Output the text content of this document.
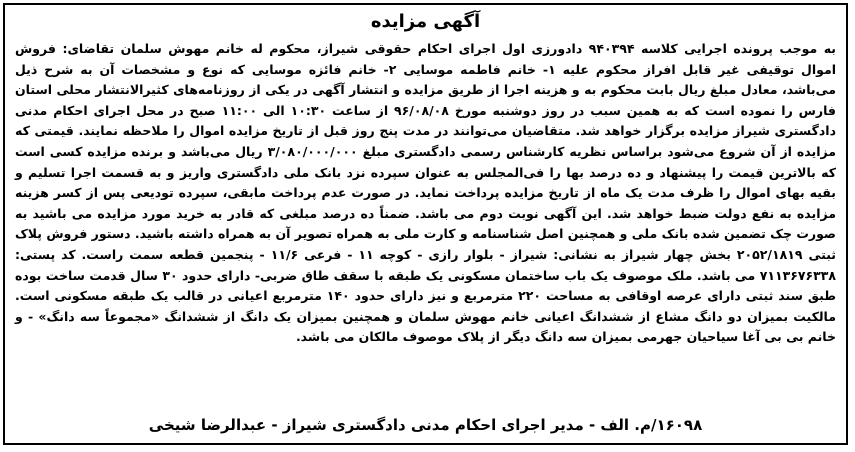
آگهی مزایده

به موجب پرونده اجرایی کلاسه ۹۴۰۳۹۴ دادورزی اول اجرای احکام حقوقی شیراز، محکوم له خانم مهوش سلمان تقاضای: فروش اموال توقیفی غیر قابل افراز محکوم علیه ۱- خانم فاطمه موسایی ۲- خانم فائزه موسایی که نوع و مشخصات آن به شرح ذیل می‌باشد، معادل مبلغ ریال بابت محکوم به و هزینه اجرا از طریق مزایده و انتشار آگهی در یکی از روزنامه‌های کثیرالانتشار محلی استان فارس را نموده است که به همین سبب در روز دوشنبه مورخ ۹۶/۰۸/۰۸ از ساعت ۱۰:۳۰ الی ۱۱:۰۰ صبح در محل اجرای احکام مدنی دادگستری شیراز مزایده برگزار خواهد شد. متقاضیان می‌توانند در مدت پنج روز قبل از تاریخ مزایده اموال را ملاحظه نمایند. قیمتی که مزایده از آن شروع می‌شود براساس نظریه کارشناس رسمی دادگستری مبلغ ۳/۰۸۰/۰۰۰/۰۰۰ ریال می‌باشد و برنده مزایده کسی است که بالاترین قیمت را پیشنهاد و ده درصد بها را فی‌المجلس به عنوان سپرده نزد بانک ملی دادگستری واریز و به قسمت اجرا تسلیم و بقیه بهای اموال را ظرف مدت یک ماه از تاریخ مزایده پرداخت نماید. در صورت عدم پرداخت مابقی، سپرده تودیعی پس از کسر هزینه مزایده به نفع دولت ضبط خواهد شد. این آگهی نوبت دوم می باشد. ضمناً ده درصد مبلغی که قادر به خرید مورد مزایده می باشید به صورت چک تضمین شده بانک ملی و همچنین اصل شناسنامه و کارت ملی به همراه تصویر آن به همراه داشته باشید. دستور فروش پلاک ثبتی ۲۰۵۲/۱۸۱۹ بخش چهار شیراز به نشانی: شیراز - بلوار رازی - کوچه ۱۱ - فرعی ۱۱/۶ - پنجمین قطعه سمت راست. کد پستی: ۷۱۱۳۶۷۶۳۳۸ می باشد. ملک موصوف یک باب ساختمان مسکونی یک طبقه با سقف طاق ضربی- دارای حدود ۳۰ سال قدمت ساخت بوده طبق سند ثبتی دارای عرصه اوقافی به مساحت ۲۲۰ مترمربع و نیز دارای حدود ۱۴۰ مترمربع اعیانی در قالب یک طبقه مسکونی است. مالکیت بمیزان دو دانگ مشاع از ششدانگ اعیانی خانم مهوش سلمان و همچنین بمیزان یک دانگ از ششدانگ «مجموعاً سه دانگ» - و خانم بی بی آغا سیاحیان جهرمی بمیزان سه دانگ دیگر از پلاک موصوف مالکان می باشد.

۱۶۰۹۸/م. الف - مدیر اجرای احکام مدنی دادگستری شیراز - عبدالرضا شیخی
